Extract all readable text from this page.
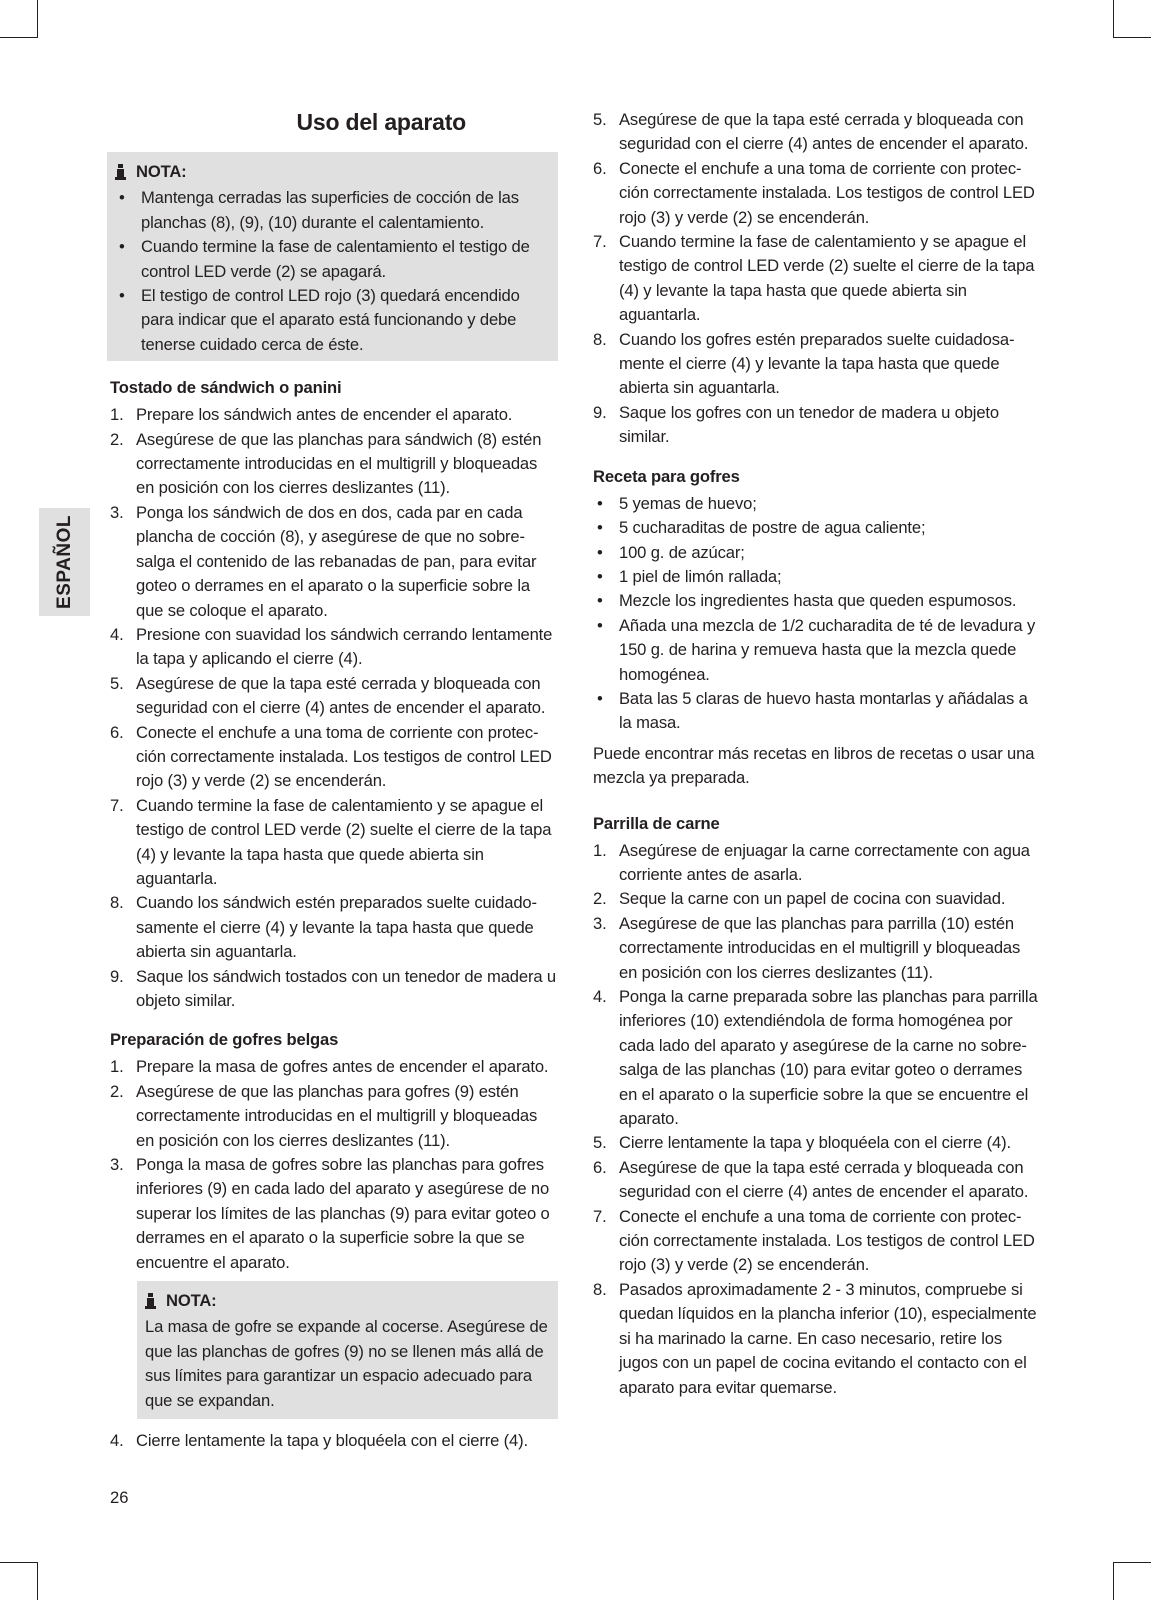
ESPAÑOL
Uso del aparato
NOTA:
• Mantenga cerradas las superficies de cocción de las planchas (8), (9), (10) durante el calentamiento.
• Cuando termine la fase de calentamiento el testigo de control LED verde (2) se apagará.
• El testigo de control LED rojo (3) quedará encendido para indicar que el aparato está funcionando y debe tenerse cuidado cerca de éste.
Tostado de sándwich o panini
1. Prepare los sándwich antes de encender el aparato.
2. Asegúrese de que las planchas para sándwich (8) estén correctamente introducidas en el multigrill y bloqueadas en posición con los cierres deslizantes (11).
3. Ponga los sándwich de dos en dos, cada par en cada plancha de cocción (8), y asegúrese de que no sobre-salga el contenido de las rebanadas de pan, para evitar goteo o derrames en el aparato o la superficie sobre la que se coloque el aparato.
4. Presione con suavidad los sándwich cerrando lentamente la tapa y aplicando el cierre (4).
5. Asegúrese de que la tapa esté cerrada y bloqueada con seguridad con el cierre (4) antes de encender el aparato.
6. Conecte el enchufe a una toma de corriente con protec-ción correctamente instalada. Los testigos de control LED rojo (3) y verde (2) se encenderán.
7. Cuando termine la fase de calentamiento y se apague el testigo de control LED verde (2) suelte el cierre de la tapa (4) y levante la tapa hasta que quede abierta sin aguantarla.
8. Cuando los sándwich estén preparados suelte cuidado-samente el cierre (4) y levante la tapa hasta que quede abierta sin aguantarla.
9. Saque los sándwich tostados con un tenedor de madera u objeto similar.
Preparación de gofres belgas
1. Prepare la masa de gofres antes de encender el aparato.
2. Asegúrese de que las planchas para gofres (9) estén correctamente introducidas en el multigrill y bloqueadas en posición con los cierres deslizantes (11).
3. Ponga la masa de gofres sobre las planchas para gofres inferiores (9) en cada lado del aparato y asegúrese de no superar los límites de las planchas (9) para evitar goteo o derrames en el aparato o la superficie sobre la que se encuentre el aparato.
NOTA:
La masa de gofre se expande al cocerse. Asegúrese de que las planchas de gofres (9) no se llenen más allá de sus límites para garantizar un espacio adecuado para que se expandan.
4. Cierre lentamente la tapa y bloquéela con el cierre (4).
5. Asegúrese de que la tapa esté cerrada y bloqueada con seguridad con el cierre (4) antes de encender el aparato.
6. Conecte el enchufe a una toma de corriente con protec-ción correctamente instalada. Los testigos de control LED rojo (3) y verde (2) se encenderán.
7. Cuando termine la fase de calentamiento y se apague el testigo de control LED verde (2) suelte el cierre de la tapa (4) y levante la tapa hasta que quede abierta sin aguantarla.
8. Cuando los gofres estén preparados suelte cuidadosa-mente el cierre (4) y levante la tapa hasta que quede abierta sin aguantarla.
9. Saque los gofres con un tenedor de madera u objeto similar.
Receta para gofres
• 5 yemas de huevo;
• 5 cucharaditas de postre de agua caliente;
• 100 g. de azúcar;
• 1 piel de limón rallada;
• Mezcle los ingredientes hasta que queden espumosos.
• Añada una mezcla de 1/2 cucharadita de té de levadura y 150 g. de harina y remueva hasta que la mezcla quede homogénea.
• Bata las 5 claras de huevo hasta montarlas y añádalas a la masa.

Puede encontrar más recetas en libros de recetas o usar una mezcla ya preparada.

Parrilla de carne
1. Asegúrese de enjuagar la carne correctamente con agua corriente antes de asarla.
2. Seque la carne con un papel de cocina con suavidad.
3. Asegúrese de que las planchas para parrilla (10) estén correctamente introducidas en el multigrill y bloqueadas en posición con los cierres deslizantes (11).
4. Ponga la carne preparada sobre las planchas para parrilla inferiores (10) extendiéndola de forma homogénea por cada lado del aparato y asegúrese de la carne no sobre-salga de las planchas (10) para evitar goteo o derrames en el aparato o la superficie sobre la que se encuentre el aparato.
5. Cierre lentamente la tapa y bloquéela con el cierre (4).
6. Asegúrese de que la tapa esté cerrada y bloqueada con seguridad con el cierre (4) antes de encender el aparato.
7. Conecte el enchufe a una toma de corriente con protec-ción correctamente instalada. Los testigos de control LED rojo (3) y verde (2) se encenderán.
8. Pasados aproximadamente 2 - 3 minutos, compruebe si quedan líquidos en la plancha inferior (10), especialmente si ha marinado la carne. En caso necesario, retire los jugos con un papel de cocina evitando el contacto con el aparato para evitar quemarse.
26
